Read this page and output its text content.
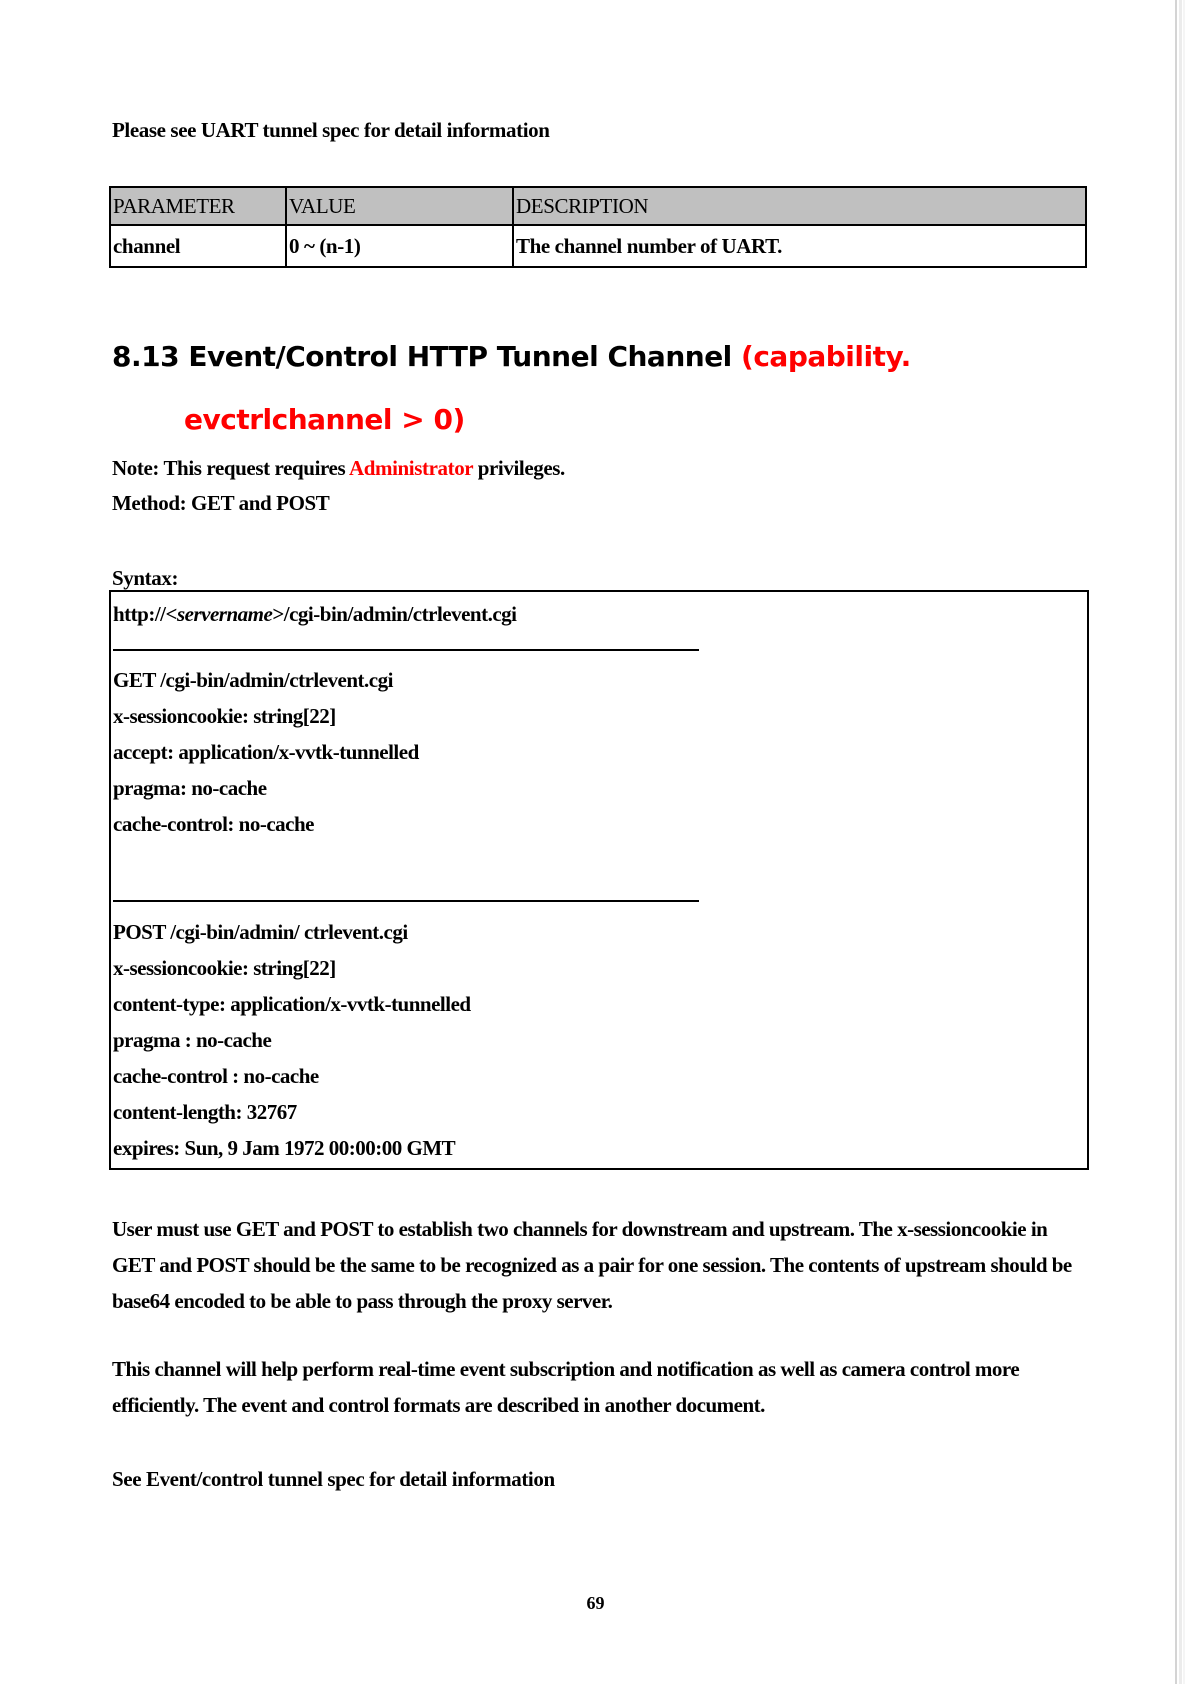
Please see UART tunnel spec for detail information
PARAMETER	VALUE	DESCRIPTION
channel	0 ~ (n-1)	The channel number of UART.
8.13 Event/Control HTTP Tunnel Channel (capability.
evctrlchannel > 0)
Note: This request requires Administrator privileges.
Method: GET and POST
Syntax:
http://<servername>/cgi-bin/admin/ctrlevent.cgi
GET /cgi-bin/admin/ctrlevent.cgi
x-sessioncookie: string[22]
accept: application/x-vvtk-tunnelled
pragma: no-cache
cache-control: no-cache
POST /cgi-bin/admin/ ctrlevent.cgi
x-sessioncookie: string[22]
content-type: application/x-vvtk-tunnelled
pragma : no-cache
cache-control : no-cache
content-length: 32767
expires: Sun, 9 Jam 1972 00:00:00 GMT
User must use GET and POST to establish two channels for downstream and upstream. The x-sessioncookie in GET and POST should be the same to be recognized as a pair for one session. The contents of upstream should be base64 encoded to be able to pass through the proxy server.
This channel will help perform real-time event subscription and notification as well as camera control more efficiently. The event and control formats are described in another document.
See Event/control tunnel spec for detail information
69
